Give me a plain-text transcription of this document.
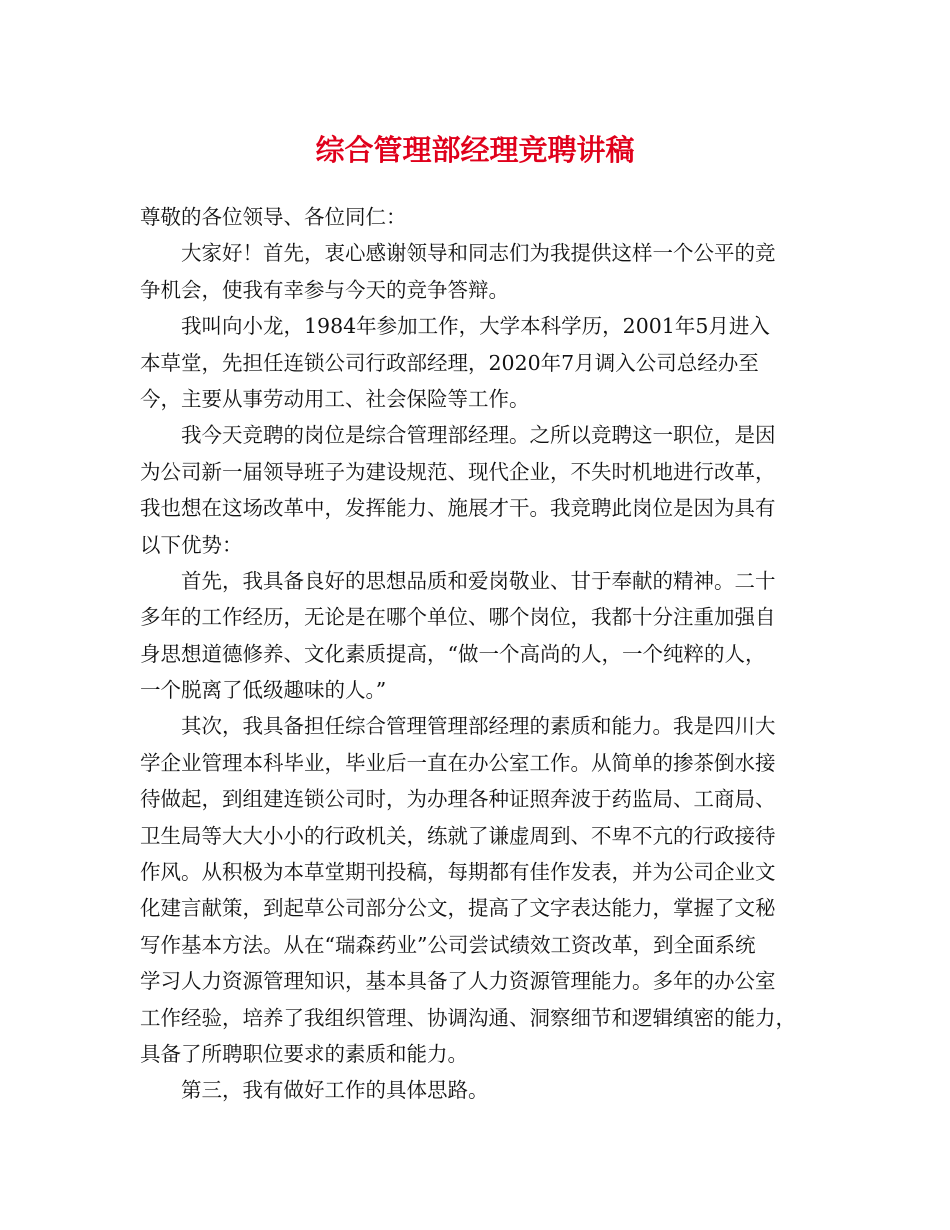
综合管理部经理竞聘讲稿
尊敬的各位领导、各位同仁：
大家好！首先，衷心感谢领导和同志们为我提供这样一个公平的竞
争机会，使我有幸参与今天的竞争答辩。
我叫向小龙，1984年参加工作，大学本科学历，2001年5月进入
本草堂，先担任连锁公司行政部经理，2020年7月调入公司总经办至
今，主要从事劳动用工、社会保险等工作。
我今天竞聘的岗位是综合管理部经理。之所以竞聘这一职位，是因
为公司新一届领导班子为建设规范、现代企业，不失时机地进行改革，
我也想在这场改革中，发挥能力、施展才干。我竞聘此岗位是因为具有
以下优势：
首先，我具备良好的思想品质和爱岗敬业、甘于奉献的精神。二十
多年的工作经历，无论是在哪个单位、哪个岗位，我都十分注重加强自
身思想道德修养、文化素质提高，“做一个高尚的人，一个纯粹的人，
一个脱离了低级趣味的人。”
其次，我具备担任综合管理管理部经理的素质和能力。我是四川大
学企业管理本科毕业，毕业后一直在办公室工作。从简单的掺茶倒水接
待做起，到组建连锁公司时，为办理各种证照奔波于药监局、工商局、
卫生局等大大小小的行政机关，练就了谦虚周到、不卑不亢的行政接待
作风。从积极为本草堂期刊投稿，每期都有佳作发表，并为公司企业文
化建言献策，到起草公司部分公文，提高了文字表达能力，掌握了文秘
写作基本方法。从在“瑞森药业”公司尝试绩效工资改革，到全面系统
学习人力资源管理知识，基本具备了人力资源管理能力。多年的办公室
工作经验，培养了我组织管理、协调沟通、洞察细节和逻辑缜密的能力，
具备了所聘职位要求的素质和能力。
第三，我有做好工作的具体思路。
